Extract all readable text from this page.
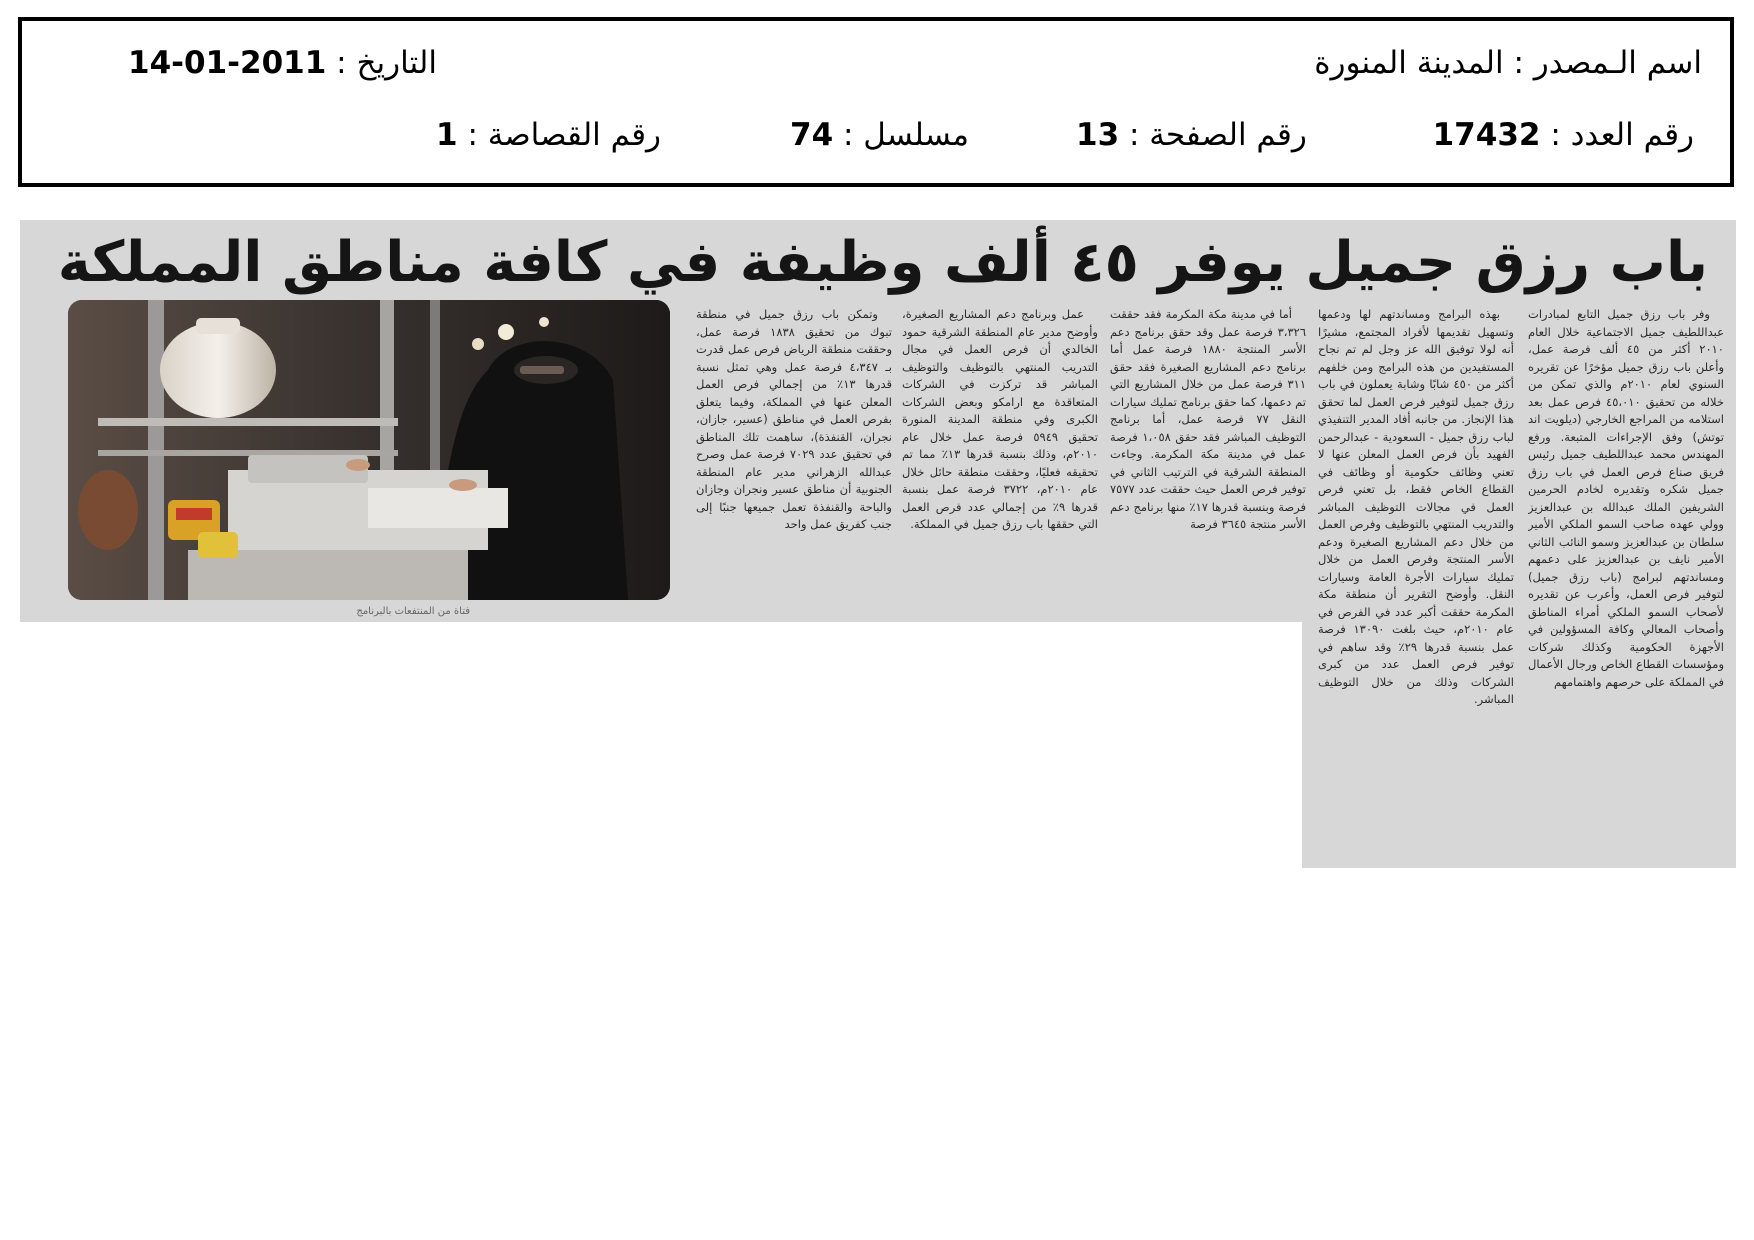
اسم الـمصدر : المدينة المنورة
التاريخ : 2011-01-14
رقم العدد : 17432
رقم الصفحة : 13
مسلسل : 74
رقم القصاصة : 1
باب رزق جميل يوفر ٤٥ ألف وظيفة في كافة مناطق المملكة

وفر باب رزق جميل التابع لمبادرات عبداللطيف جميل الاجتماعية خلال العام ٢٠١٠ أكثر من ٤٥ ألف فرصة عمل، وأعلن باب رزق جميل مؤخرًا عن تقريره السنوي لعام ٢٠١٠م والذي تمكن من خلاله من تحقيق ٤٥،٠١٠ فرص عمل بعد استلامه من المراجع الخارجي (ديلويت اند توتش) وفق الإجراءات المتبعة. ورفع المهندس محمد عبداللطيف جميل رئيس فريق صناع فرص العمل في باب رزق جميل شكره وتقديره لخادم الحرمين الشريفين الملك عبدالله بن عبدالعزيز وولي عهده صاحب السمو الملكي الأمير سلطان بن عبدالعزيز وسمو النائب الثاني الأمير نايف بن عبدالعزيز على دعمهم ومساندتهم لبرامج (باب رزق جميل) لتوفير فرص العمل، وأعرب عن تقديره لأصحاب السمو الملكي أمراء المناطق وأصحاب المعالي وكافة المسؤولين في الأجهزة الحكومية وكذلك شركات ومؤسسات القطاع الخاص ورجال الأعمال في المملكة على حرصهم واهتمامهم

بهذه البرامج ومساندتهم لها ودعمها وتسهيل تقديمها لأفراد المجتمع، مشيرًا أنه لولا توفيق الله عز وجل لم تم نجاح المستفيدين من هذه البرامج ومن خلفهم أكثر من ٤٥٠ شابًا وشابة يعملون في باب رزق جميل لتوفير فرص العمل لما تحقق هذا الإنجاز. من جانبه أفاد المدير التنفيذي لباب رزق جميل - السعودية - عبدالرحمن الفهيد بأن فرص العمل المعلن عنها لا تعني وظائف حكومية أو وظائف في القطاع الخاص فقط، بل تعني فرص العمل في مجالات التوظيف المباشر والتدريب المنتهي بالتوظيف وفرص العمل من خلال دعم المشاريع الصغيرة ودعم الأسر المنتجة وفرص العمل من خلال تمليك سيارات الأجرة العامة وسيارات النقل. وأوضح التقرير أن منطقة مكة المكرمة حققت أكبر عدد في الفرص في عام ٢٠١٠م، حيث بلغت ١٣٠٩٠ فرصة عمل بنسبة قدرها ٢٩٪ وقد ساهم في توفير فرص العمل عدد من كبرى الشركات وذلك من خلال التوظيف المباشر.

أما في مدينة مكة المكرمة فقد حققت ٣،٣٢٦ فرصة عمل وقد حقق برنامج دعم الأسر المنتجة ١٨٨٠ فرصة عمل أما برنامج دعم المشاريع الصغيرة فقد حقق ٣١١ فرصة عمل من خلال المشاريع التي تم دعمها، كما حقق برنامج تمليك سيارات النقل ٧٧ فرصة عمل، أما برنامج التوظيف المباشر فقد حقق ١،٠٥٨ فرصة عمل في مدينة مكة المكرمة. وجاءت المنطقة الشرقية في الترتيب الثاني في توفير فرص العمل حيث حققت عدد ٧٥٧٧ فرصة وبنسبة قدرها ١٧٪ منها برنامج دعم الأسر منتجة ٣٦٤٥ فرصة

عمل وبرنامج دعم المشاريع الصغيرة، وأوضح مدير عام المنطقة الشرقية حمود الخالدي أن فرص العمل في مجال التدريب المنتهي بالتوظيف والتوظيف المباشر قد تركزت في الشركات المتعاقدة مع ارامكو وبعض الشركات الكبرى وفي منطقة المدينة المنورة تحقيق ٥٩٤٩ فرصة عمل خلال عام ٢٠١٠م، وذلك بنسبة قدرها ١٣٪ مما تم تحقيقه فعليًا، وحققت منطقة حائل خلال عام ٢٠١٠م، ٣٧٢٢ فرصة عمل بنسبة قدرها ٩٪ من إجمالي عدد فرص العمل التي حققها باب رزق جميل في المملكة.

وتمكن باب رزق جميل في منطقة تبوك من تحقيق ١٨٣٨ فرصة عمل، وحققت منطقة الرياض فرص عمل قدرت بـ ٤،٣٤٧ فرصة عمل وهي تمثل نسبة قدرها ١٣٪ من إجمالي فرص العمل المعلن عنها في المملكة، وفيما يتعلق بفرص العمل في مناطق (عسير، جازان، نجران، القنفذة)، ساهمت تلك المناطق في تحقيق عدد ٧٠٢٩ فرصة عمل وصرح عبدالله الزهراني مدير عام المنطقة الجنوبية أن مناطق عسير ونجران وجازان والباحة والقنفذة تعمل جميعها جنبًا إلى جنب كفريق عمل واحد

فتاة من المنتفعات بالبرنامج
